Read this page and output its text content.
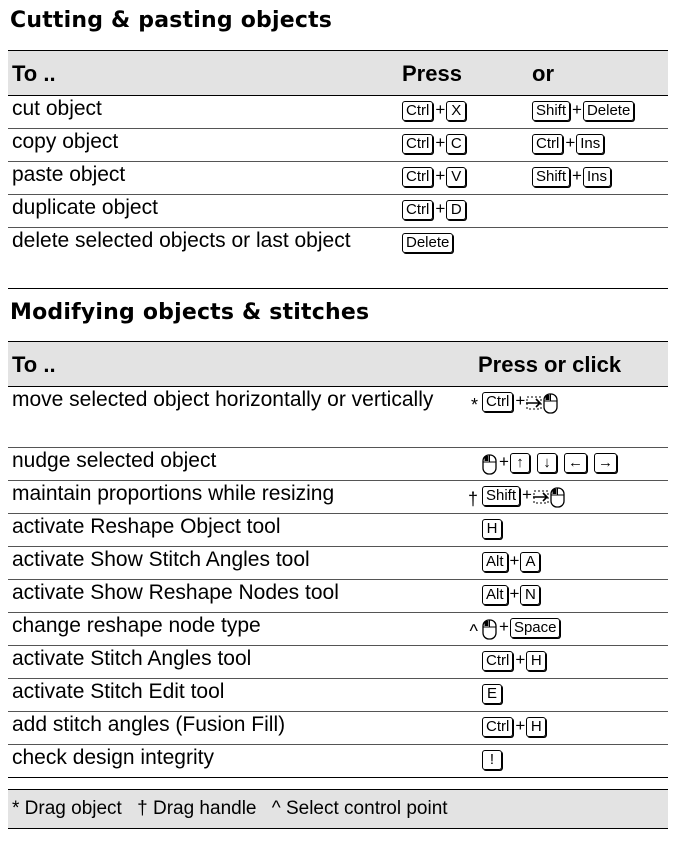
Cutting & pasting objects
To ..	Press	or
cut object	Ctrl + X	Shift + Delete
copy object	Ctrl + C	Ctrl + Ins
paste object	Ctrl + V	Shift + Ins
duplicate object	Ctrl + D	
delete selected objects or last object	Delete	
Modifying objects & stitches
To ..	Press or click
move selected object horizontally or vertically	* Ctrl +
nudge selected object	+ ↑ ↓ ← →
maintain proportions while resizing	† Shift +
activate Reshape Object tool	H
activate Show Stitch Angles tool	Alt + A
activate Show Reshape Nodes tool	Alt + N
change reshape node type	^ + Space
activate Stitch Angles tool	Ctrl + H
activate Stitch Edit tool	E
add stitch angles (Fusion Fill)	Ctrl + H
check design integrity	!
* Drag object † Drag handle ^ Select control point
